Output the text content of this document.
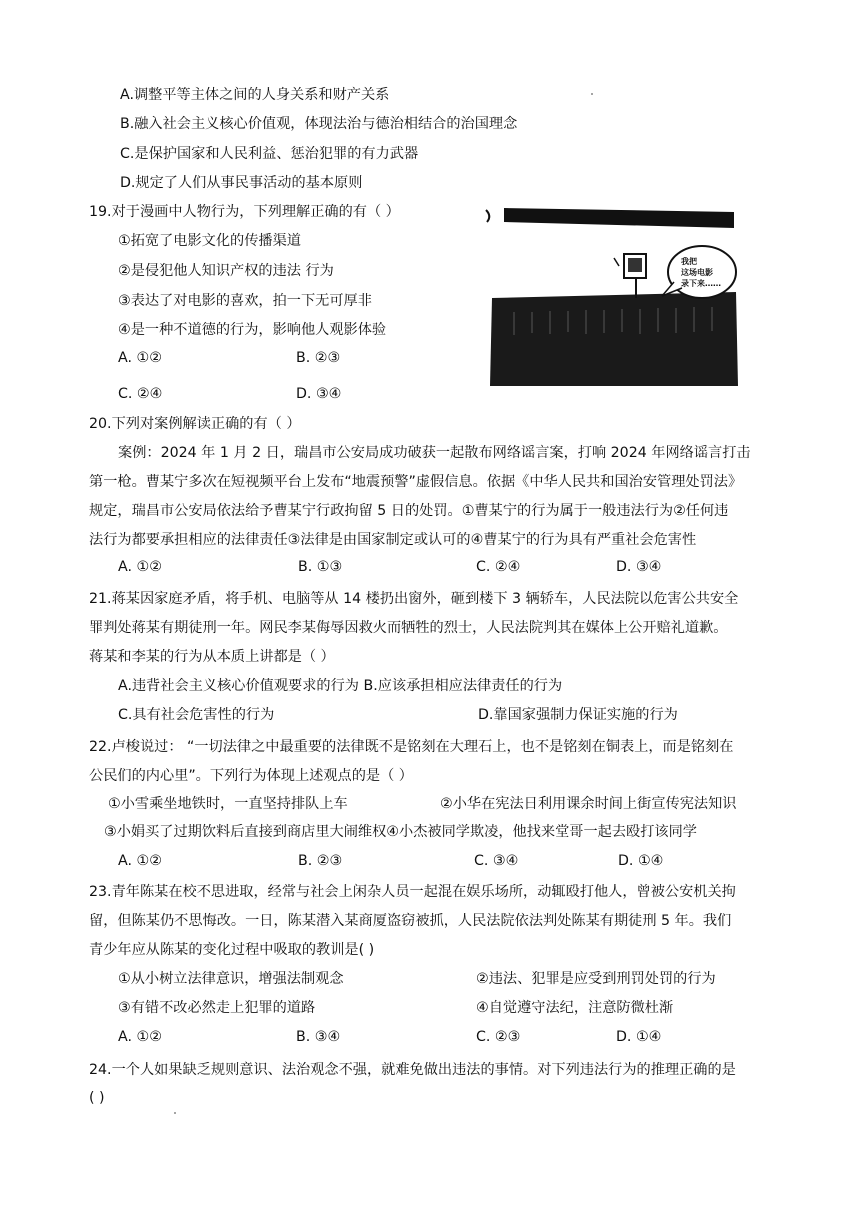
A.调整平等主体之间的人身关系和财产关系
B.融入社会主义核心价值观，体现法治与德治相结合的治国理念
C.是保护国家和人民利益、惩治犯罪的有力武器
D.规定了人们从事民事活动的基本原则
19.对于漫画中人物行为，下列理解正确的有（ ）
①拓宽了电影文化的传播渠道
②是侵犯他人知识产权的违法 行为
③表达了对电影的喜欢，拍一下无可厚非
④是一种不道德的行为，影响他人观影体验
A. ①②	B. ②③
C. ②④	D. ③④
我把
这场电影
录下来……
20.下列对案例解读正确的有（ ）
案例：2024 年 1 月 2 日，瑞昌市公安局成功破获一起散布网络谣言案，打响 2024 年网络谣言打击
第一枪。曹某宁多次在短视频平台上发布“地震预警”虚假信息。依据《中华人民共和国治安管理处罚法》
规定，瑞昌市公安局依法给予曹某宁行政拘留 5 日的处罚。①曹某宁的行为属于一般违法行为②任何违
法行为都要承担相应的法律责任③法律是由国家制定或认可的④曹某宁的行为具有严重社会危害性
A. ①②	B. ①③	C. ②④	D. ③④
21.蒋某因家庭矛盾，将手机、电脑等从 14 楼扔出窗外，砸到楼下 3 辆轿车，人民法院以危害公共安全
罪判处蒋某有期徒刑一年。网民李某侮辱因救火而牺牲的烈士，人民法院判其在媒体上公开赔礼道歉。
蒋某和李某的行为从本质上讲都是（ ）
A.违背社会主义核心价值观要求的行为 B.应该承担相应法律责任的行为
C.具有社会危害性的行为	D.靠国家强制力保证实施的行为
22.卢梭说过： “一切法律之中最重要的法律既不是铭刻在大理石上，也不是铭刻在铜表上，而是铭刻在
公民们的内心里”。下列行为体现上述观点的是（ ）
①小雪乘坐地铁时，一直坚持排队上车	②小华在宪法日利用课余时间上街宣传宪法知识
③小娟买了过期饮料后直接到商店里大闹维权④小杰被同学欺凌，他找来堂哥一起去殴打该同学
A. ①②	B. ②③	C. ③④	D. ①④
23.青年陈某在校不思进取，经常与社会上闲杂人员一起混在娱乐场所，动辄殴打他人，曾被公安机关拘
留，但陈某仍不思悔改。一日，陈某潜入某商厦盗窃被抓，人民法院依法判处陈某有期徒刑 5 年。我们
青少年应从陈某的变化过程中吸取的教训是( )
①从小树立法律意识，增强法制观念	②违法、犯罪是应受到刑罚处罚的行为
③有错不改必然走上犯罪的道路	④自觉遵守法纪，注意防微杜渐
A. ①②	B. ③④	C. ②③	D. ①④
24.一个人如果缺乏规则意识、法治观念不强，就难免做出违法的事情。对下列违法行为的推理正确的是
( )
